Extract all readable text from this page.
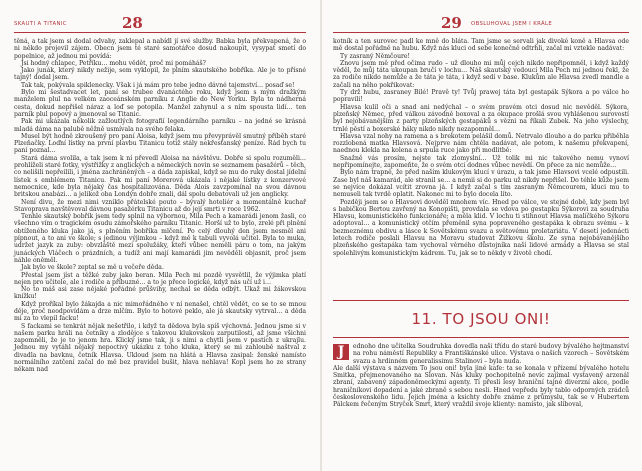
SKAUTI A TITANIC	28

těná, a tak jsem si dodal odvahy, zaklepal a nabídl jí své služby. Babka byla překvapená, že o ni někdo projevil zájem. Obecn jsem té staré samotářce dosud nakoupit, vysypat smetí do popelnice, až jednou mi povídá:

Jsi hodný chlapec, Petříku… mohu vědět, proč mi pomáháš?

Jako junák, který nikdy nežije, sem vyklopil, že plním skautského bobříka. Ale je to přísné tajný! dodal jsem.

Tak tak, pokývala spiklenecky. Však i já mám pro tebe jedno dávné tajemství… posaď se!

Bylo mi šestadvacet let, paní se trubee dvanáctého roku, když jsem s mým dražkým manželem plul na velkém zaoceánském parníku z Anglie do New Yorku. Byla to nádherná cesta, dokud nepřišel náraz a loď se potopila. Manžel zahynul a s ním spousta lidí… ten parník plul popový a jmenoval se Titanic.

Pak mi ukázala několik zažloutlých fotografií legendárního parníku – na jedné se krásná mladá dáma na palubě něžně usmívala na svého felaka.

Musel být hodně zkroušený pro paní Aloisa, když jsem mu převyprávěl smutný příběh staré Plzeňačky. Loďní lístky na první plavbu Titanicu totiž stály nekřesťanský peníze. Rád bych tu paní poznal…

Stará dáma svolila, a tak jsem k ní převedl Aloisa na návštěvu. Dobře si spolu rozuměli… prohlíželi staré fotky, výstřižky z anglických a německých novin se seznamem pasažérů – těch, co nelišili nepřeilili, i jména zachráněných – a dáda zapískal, když se mu do ruky dostal jídelní lístek s emblémem Titanicu. Pak mi paní Morerová ukázala i nějaké lístky z konzervové nemocnice, kde byla nějaký čas hospitalizována. Děda Alois zavzpomínal na svou dávnou britskou anabázi… a jelikož oba Londýn dobře znali, dál spolu debatovali už jen anglicky.

Není divu, že mezi nimi vzniklo přátelské pouto – bývalý hoteliér a momentálně kuchař Stavoprava navštěvoval dávnou pasažérku Titanicu až do její smrti v roce 1962.

Tenhle skautský bobřík jsem tedy splnil na výbornou, Mila Pech a kamarádi jenom žasli, co všechno vím o tragickém osudu zámořského parníku Titanic. Horší už to bylo, zrelé při plnění obtíženého kluka jako já, s plněním bobříka mlčení. Po celý dlouhý den jsem nesměl ani pípnout, a to ani ve škole; s jedinou výjimkou – když mě k tabuli vyvolá učitel. Byla to muka, udržet jazyk za zuby: obvzláště mezi spolužáky, kteří vůbec neměli páru o tom, na jakým junáckých Vláčech o prázdních, a tudíž ani mají kamarádi jim nevěděli objasnit, proč jsem náhle oněměl.

Jak bylo ve škole? zeptal se mě u večeře děda.

Přestal jsem jíst a těžké zuby jako beran. Mila Pech mi pozdě vysvětlil, že výjimka platí nejen pro učitele, ale i rodiče a příbuzné… a to je přece logické, když nás učí už i…

No to máš asi zase nějaké pořádné průšvihy, nechal se děda odbýt. Ukaž mi žákovskou knížku!

Když proříkal bylo žákajda a nic mimořádného v ní nenašel, chtěl vědět, co se to se mnou děje, proč neodpovídám a drze mlčím. Bylo to hotové peklo, ale já skautsky vytrval… a děda mi za to vlepil facku!

S fackami se tenkrát nějak nešetřilo, i když ta dědova byla spíš výchovná. Jednou jsme si v našem parku hráli na četníky a zlodějce s takovou klukovskou zarputilostí, až jsme všichni zapomněli, že je to jenom hra. Klický jsme tak, ji s nimi a chytli jsem v pastích z ukrajlu. Jednou my vytáhl nějaký nepoctivý ukázku z toho kluka, který se mi zahloubě naštval z divadla na bavknu, četník Hlavsa. Ukloud jsem na hlátá a Hlavsa zasipal: ženské namísto normálního zatčení začal do mě bez pravidel bušit, hlava nehlava! Kopl jsem ho ze strany někam nad

29 OBSLUHOVAL JSEM I KRÁLE

kotník a ten surovec padl ke mně do blátа. Tam jsme se servali jak divoké koně a Hlavsa ode mě dostal pořádně na hubu. Když nás kluci od sebe konečně odtrhli, začal mi vztekle nadávat:

Ty zasraný Němčoure!

Znovu jsem mě před očima rudo – už dlouho mi můj cejch nikdo nepřipomněl, i když každý věděl, že můj táta ukoupan bručí v lochu… Náš skautský vedoucí Mila Pech mi jednou řekl, že za rodiče nikdo nemůže a že táta je táta, i když sedí v base. Klukům ale Hlavsa zvedl mandle a začali na něho pokřikovat:

Ty drž hubu, zasraney Bilé! Pravě ty! Tvůj prawej táta byl gestapák Sýkora a po válce ho popravili!

Hlavsa kulil oči a snad ani nedýchal – o svém pravém otci dosud nic nevěděl. Sýkora, plzeňský Němec, před válkou závodně boxoval a za okupace prošlá svou vyhlášenou surovostí byl nejobávanějším z party plzeňských gestapáků s vězni na říkali Zubek. Na jeho výslechy, trnlé pěstí a boxerské háky nikdo nikdy nezapomněl…

Hlavsa vzal nohy na ramena a s brekotem pelášil domů. Netrvalo dlouho a do parku přiběhla rozzlobená matka Hlavsová. Nejprve nám chtěla nadávat, ale potom, k našemu překvapení, naednou klekla na kolena a srpula ruce jako při modlitbě:

Snažně vás prosím, nejste tak zlomyslní… Už tolik mi nic takového nemu vynoví nepřipomínejte, zapomeňte, že o svém otci dodnes vůbec nevědí. On přece za nic nemůže…

Bylo nám trapně, že před naším klukovým klucí v úrazu, a tak jsme Hlavsovi vcelé odpustili. Zase byl náš kamarád, ale stranil se… a nemii si do parku už nikdy nepřišel. Do téhle kůže jsem se nejvíce dokázal vcítit zrovna já. I když začal s tím zasraným Němcourem, kluci mu to nemuseli tak tvrdě oplatit. Nakonec mi to bylo docela líto.

Později jsem se o Hlavsovi dověděl mnohem víc. Hned po válce, ve stejné době, kdy jsem byl s babičkou Bertou zavřený na Konopišti, provdala se vdova po gestapku Sýkorovi za soudruha Hlavsu, komunistického funkcionáře; a měla klid. V lochu ti stihnout Hlavsa malíčkého Sýkoru adoptoval… a komunistický otčím přeměnil syna popraveného gestapáka k obrazu svému – k bezmeznému obdivu a lásce k Sovětskému svazu a světovému proletariátu. V desetí jedenácti letech rodiče poslali Hlavsu na Moravu studovat Žižkovu školu. Ze syna nejobávanějšího plzeňského gestapáka tam vychoval věrného důstojníka naší lidové armády a Hlavsa se stal spolehlivým komunistickým kádrem. Tu, jak se to někdy v životě chodí.

11. TO JSOU ONI!
J	ednoho dne učitelka Soudruhka dovedla naši třídu do staré budovy bývalého hejtmanství na rohu náměstí Republiky a Františkánské ulice. Výstava o našich vzorech – Sovětském svazu a hrdinném generalissimu Stalinovi – byla nuda.

Ale další výstava s názvem To jsou oni! byla jiné kafe: ta se konala v přízemí bývalého hotelu Smitka, přejmenovaného na Slovan. Nás kluky pochopitelně nevíc zajímal vystavený arzenál zbraní, zabavený západoněmeckými agenty. Ti přesli lesy hraniční tajné diverzní akce, podle hraničníkovi dopadení a jaké zbraně s sebou nesli. Hned vepředu byly tablo odporných zrádců československého lidu. Jejich jména a ksichty dobře známe z průmyslu, tak se v Hubertem Pálckem řečeným Stryček Smrt, který vraždil svoje klienty: namísto, jak slíboval,
